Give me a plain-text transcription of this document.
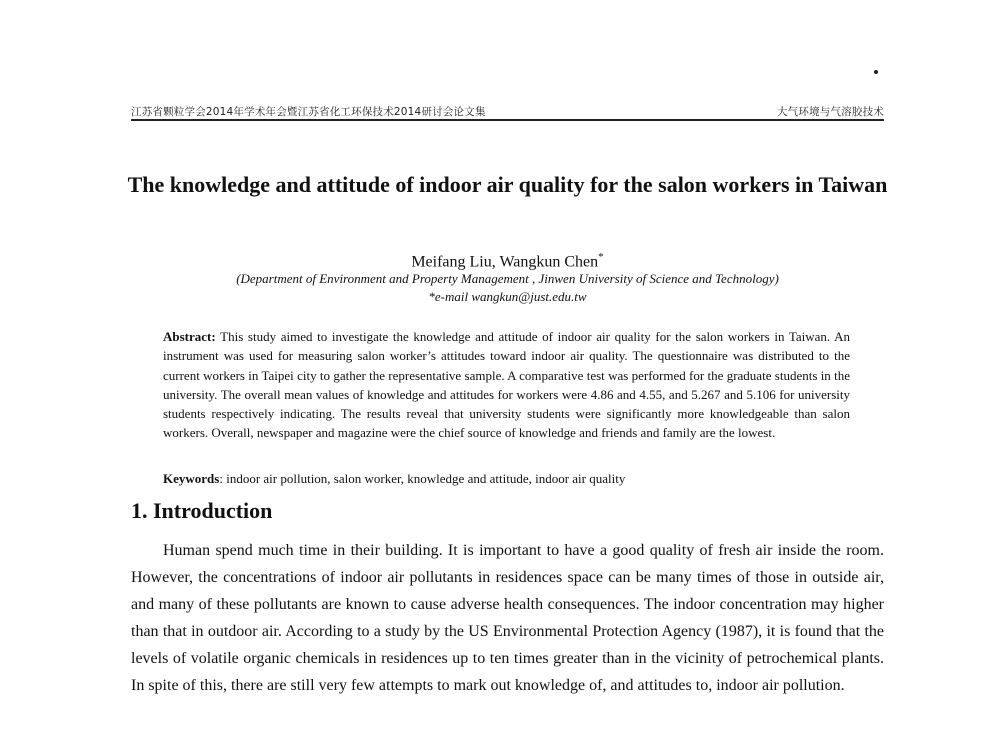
江苏省颗粒学会2014年学术年会暨江苏省化工环保技术2014研讨会论文集	大气环境与气溶胶技术
The knowledge and attitude of indoor air quality for the salon workers in Taiwan
Meifang Liu, Wangkun Chen*
(Department of Environment and Property Management , Jinwen University of Science and Technology)
*e-mail wangkun@just.edu.tw
Abstract: This study aimed to investigate the knowledge and attitude of indoor air quality for the salon workers in Taiwan. An instrument was used for measuring salon worker’s attitudes toward indoor air quality. The questionnaire was distributed to the current workers in Taipei city to gather the representative sample. A comparative test was performed for the graduate students in the university. The overall mean values of knowledge and attitudes for workers were 4.86 and 4.55, and 5.267 and 5.106 for university students respectively indicating. The results reveal that university students were significantly more knowledgeable than salon workers. Overall, newspaper and magazine were the chief source of knowledge and friends and family are the lowest.
Keywords: indoor air pollution, salon worker, knowledge and attitude, indoor air quality
1. Introduction
Human spend much time in their building. It is important to have a good quality of fresh air inside the room. However, the concentrations of indoor air pollutants in residences space can be many times of those in outside air, and many of these pollutants are known to cause adverse health consequences. The indoor concentration may higher than that in outdoor air. According to a study by the US Environmental Protection Agency (1987), it is found that the levels of volatile organic chemicals in residences up to ten times greater than in the vicinity of petrochemical plants. In spite of this, there are still very few attempts to mark out knowledge of, and attitudes to, indoor air pollution.
